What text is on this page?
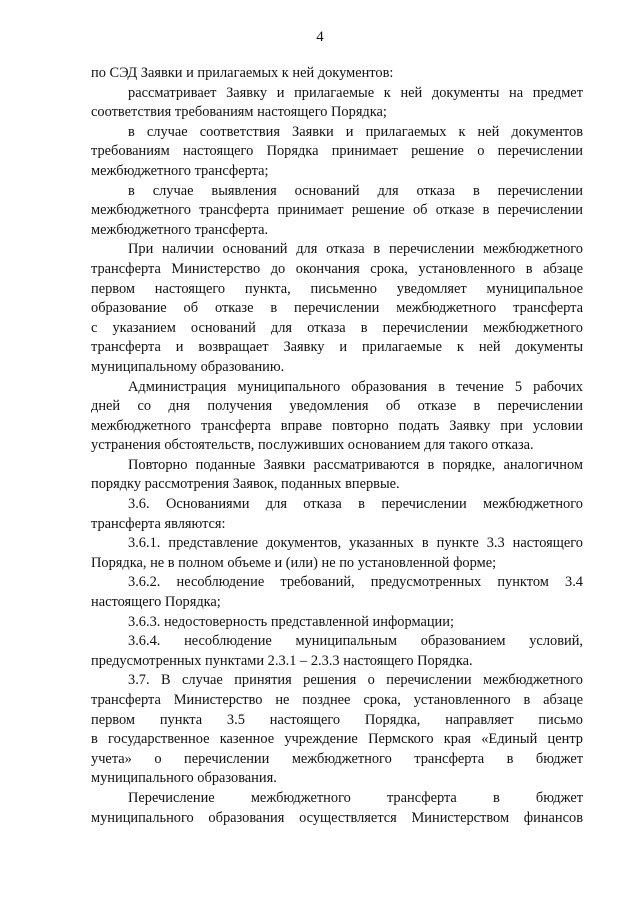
4
по СЭД Заявки и прилагаемых к ней документов:
рассматривает Заявку и прилагаемые к ней документы на предмет
соответствия требованиям настоящего Порядка;
в случае соответствия Заявки и прилагаемых к ней документов
требованиям настоящего Порядка принимает решение о перечислении
межбюджетного трансферта;
в случае выявления оснований для отказа в перечислении
межбюджетного трансферта принимает решение об отказе в перечислении
межбюджетного трансферта.
При наличии оснований для отказа в перечислении межбюджетного
трансферта Министерство до окончания срока, установленного в абзаце
первом настоящего пункта, письменно уведомляет муниципальное
образование об отказе в перечислении межбюджетного трансферта
с указанием оснований для отказа в перечислении межбюджетного
трансферта и возвращает Заявку и прилагаемые к ней документы
муниципальному образованию.
Администрация муниципального образования в течение 5 рабочих
дней со дня получения уведомления об отказе в перечислении
межбюджетного трансферта вправе повторно подать Заявку при условии
устранения обстоятельств, послуживших основанием для такого отказа.
Повторно поданные Заявки рассматриваются в порядке, аналогичном
порядку рассмотрения Заявок, поданных впервые.
3.6. Основаниями для отказа в перечислении межбюджетного
трансферта являются:
3.6.1. представление документов, указанных в пункте 3.3 настоящего
Порядка, не в полном объеме и (или) не по установленной форме;
3.6.2. несоблюдение требований, предусмотренных пунктом 3.4
настоящего Порядка;
3.6.3. недостоверность представленной информации;
3.6.4. несоблюдение муниципальным образованием условий,
предусмотренных пунктами 2.3.1 – 2.3.3 настоящего Порядка.
3.7. В случае принятия решения о перечислении межбюджетного
трансферта Министерство не позднее срока, установленного в абзаце
первом пункта 3.5 настоящего Порядка, направляет письмо
в государственное казенное учреждение Пермского края «Единый центр
учета» о перечислении межбюджетного трансферта в бюджет
муниципального образования.
Перечисление межбюджетного трансферта в бюджет
муниципального образования осуществляется Министерством финансов
